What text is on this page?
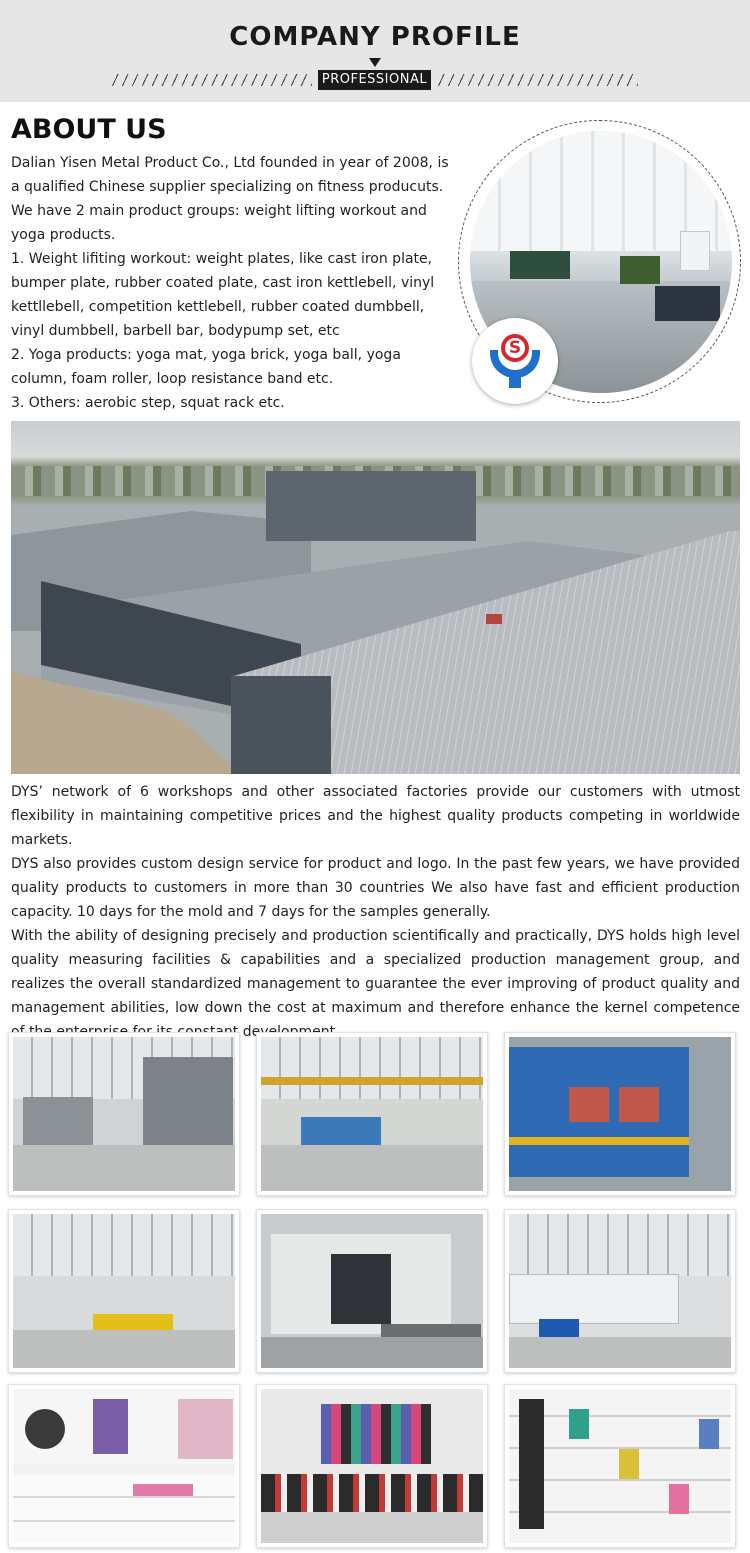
COMPANY PROFILE
PROFESSIONAL
ABOUT US

Dalian Yisen Metal Product Co., Ltd founded in year of 2008, is a qualified Chinese supplier specializing on fitness producuts.

We have 2 main product groups: weight lifting workout and yoga products.

1. Weight lifiting workout: weight plates, like cast iron plate, bumper plate, rubber coated plate, cast iron kettlebell, vinyl kettllebell, competition kettlebell, rubber coated dumbbell, vinyl dumbbell, barbell bar, bodypump set, etc

2. Yoga products: yoga mat, yoga brick, yoga ball, yoga column, foam roller, loop resistance band etc.

3. Others: aerobic step, squat rack etc.

S

DYS’ network of 6 workshops and other associated factories provide our customers with utmost flexibility in maintaining competitive prices and the highest quality products competing in worldwide markets.

DYS also provides custom design service for product and logo. In the past few years, we have provided quality products to customers in more than 30 countries We also have fast and efficient production capacity. 10 days for the mold and 7 days for the samples generally.

With the ability of designing precisely and production scientifically and practically, DYS holds high level quality measuring facilities & capabilities and a specialized production management group, and realizes the overall standardized management to guarantee the ever improving of product quality and management abilities, low down the cost at maximum and therefore enhance the kernel competence
